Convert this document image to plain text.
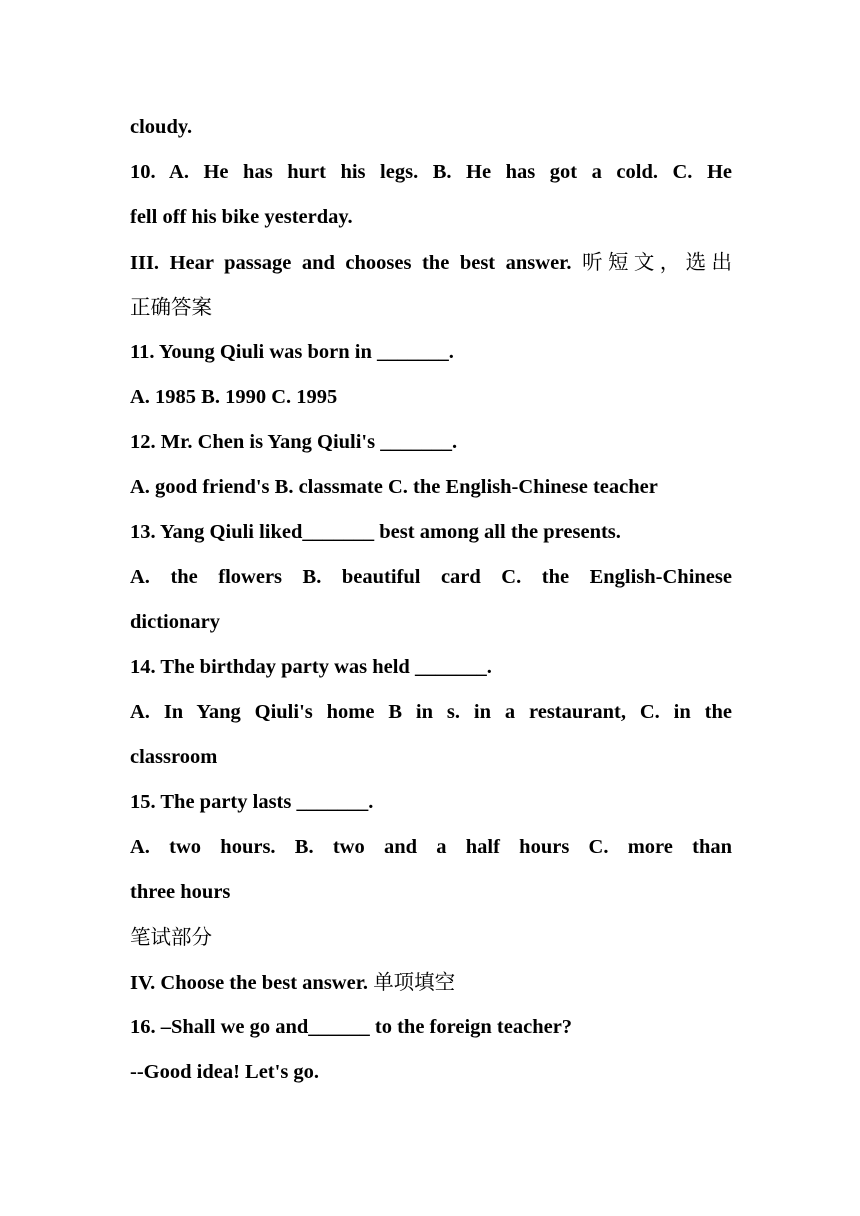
cloudy.
10. A. He has hurt his legs. B. He has got a cold. C. He
fell off his bike yesterday.
III. Hear passage and chooses the best answer. 听短文，选出
正确答案
11. Young Qiuli was born in _______.
A. 1985 B. 1990 C. 1995
12. Mr. Chen is Yang Qiuli's _______.
A. good friend's B. classmate C. the English-Chinese teacher
13. Yang Qiuli liked_______ best among all the presents.
A. the flowers B. beautiful card C. the English-Chinese
dictionary
14. The birthday party was held _______.
A. In Yang Qiuli's home B in s. in a restaurant, C. in the
classroom
15. The party lasts _______.
A. two hours. B. two and a half hours C. more than
three hours
笔试部分
IV. Choose the best answer. 单项填空
16. –Shall we go and______ to the foreign teacher?
--Good idea! Let's go.
